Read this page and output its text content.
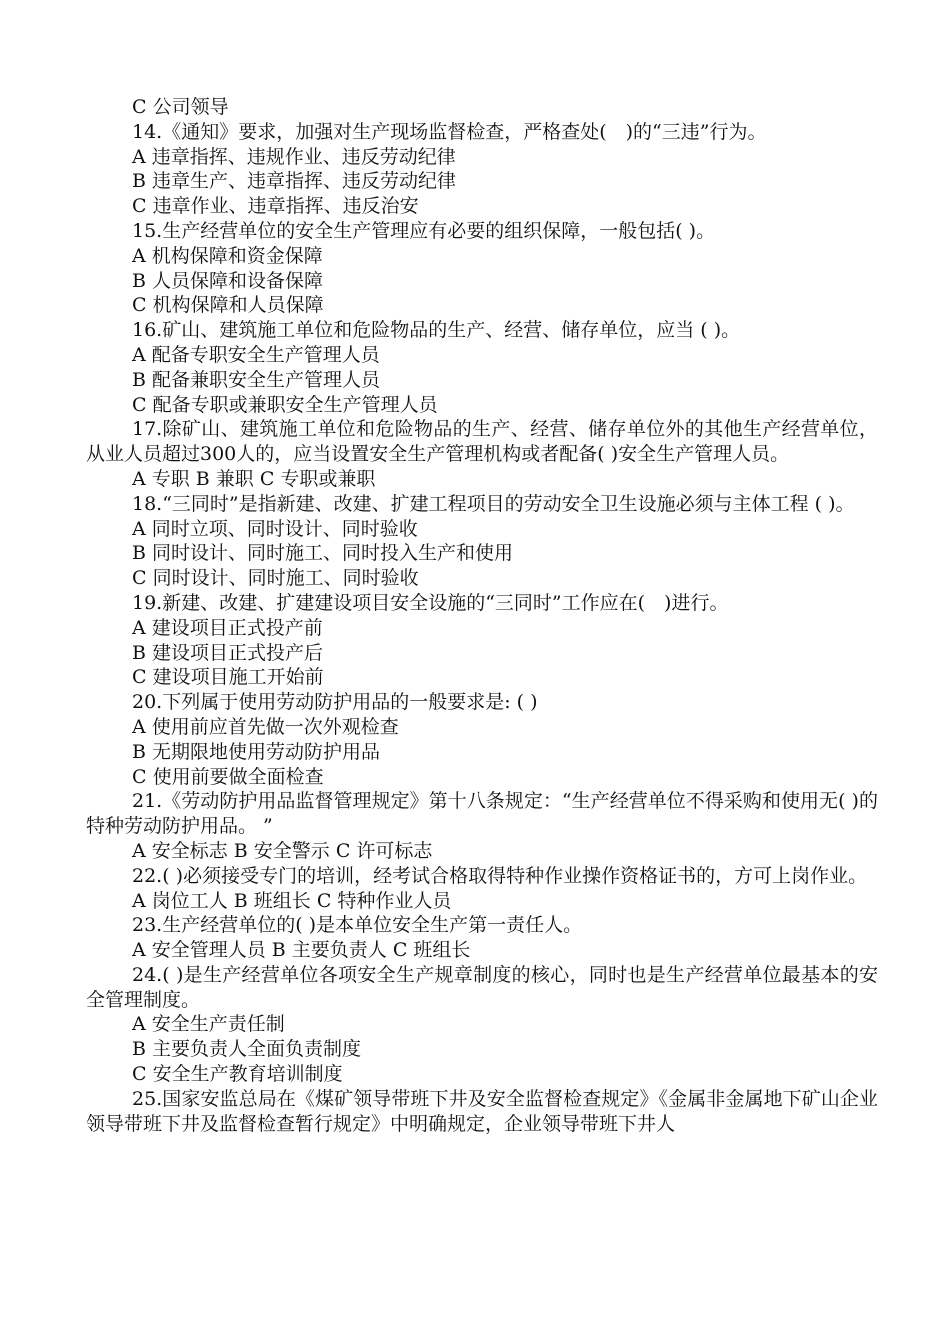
C 公司领导
14.《通知》要求，加强对生产现场监督检查，严格查处(　)的“三违”行为。
A 违章指挥、违规作业、违反劳动纪律
B 违章生产、违章指挥、违反劳动纪律
C 违章作业、违章指挥、违反治安
15.生产经营单位的安全生产管理应有必要的组织保障，一般包括( )。
A 机构保障和资金保障
B 人员保障和设备保障
C 机构保障和人员保障
16.矿山、建筑施工单位和危险物品的生产、经营、储存单位，应当 ( )。
A 配备专职安全生产管理人员
B 配备兼职安全生产管理人员
C 配备专职或兼职安全生产管理人员
17.除矿山、建筑施工单位和危险物品的生产、经营、储存单位外的其他生产经营单位，从业人员超过300人的，应当设置安全生产管理机构或者配备( )安全生产管理人员。
A 专职 B 兼职 C 专职或兼职
18.“三同时”是指新建、改建、扩建工程项目的劳动安全卫生设施必须与主体工程 ( )。
A 同时立项、同时设计、同时验收
B 同时设计、同时施工、同时投入生产和使用
C 同时设计、同时施工、同时验收
19.新建、改建、扩建建设项目安全设施的“三同时”工作应在(　)进行。
A 建设项目正式投产前
B 建设项目正式投产后
C 建设项目施工开始前
20.下列属于使用劳动防护用品的一般要求是: ( )
A 使用前应首先做一次外观检查
B 无期限地使用劳动防护用品
C 使用前要做全面检查
21.《劳动防护用品监督管理规定》第十八条规定：“生产经营单位不得采购和使用无( )的特种劳动防护用品。 ”
A 安全标志 B 安全警示 C 许可标志
22.( )必须接受专门的培训，经考试合格取得特种作业操作资格证书的，方可上岗作业。
A 岗位工人 B 班组长 C 特种作业人员
23.生产经营单位的( )是本单位安全生产第一责任人。
A 安全管理人员 B 主要负责人 C 班组长
24.( )是生产经营单位各项安全生产规章制度的核心，同时也是生产经营单位最基本的安全管理制度。
A 安全生产责任制
B 主要负责人全面负责制度
C 安全生产教育培训制度
25.国家安监总局在《煤矿领导带班下井及安全监督检查规定》《金属非金属地下矿山企业领导带班下井及监督检查暂行规定》中明确规定，企业领导带班下井人
